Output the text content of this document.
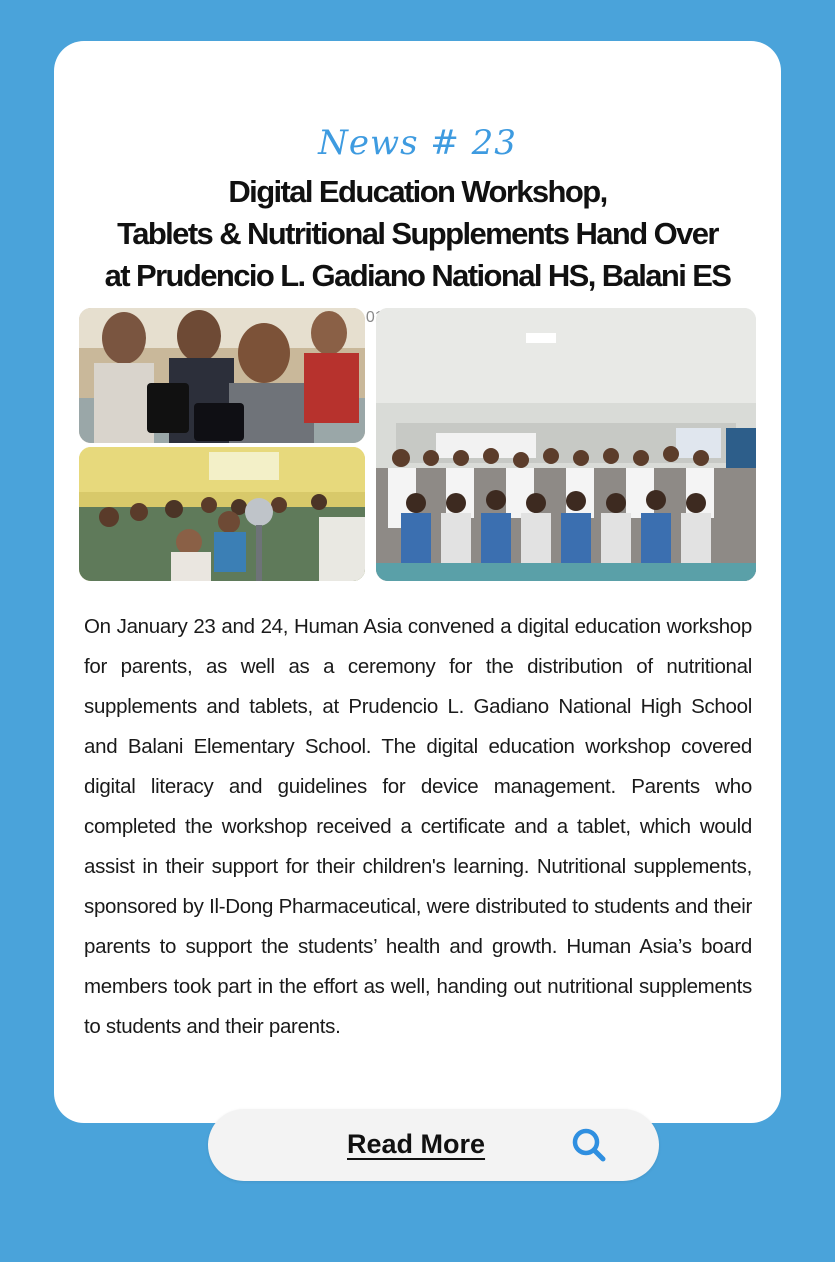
News # 23
Digital Education Workshop,
Tablets & Nutritional Supplements Hand Over
at Prudencio L. Gadiano National HS, Balani ES
On January 23 and 24, Human Asia convened a digital education workshop for parents, as well as a ceremony for the distribution of nutritional supplements and tablets, at Prudencio L. Gadiano National High School and Balani Elementary School. The digital education workshop covered digital literacy and guidelines for device management. Parents who completed the workshop received a certificate and a tablet, which would assist in their support for their children's learning. Nutritional supplements, sponsored by Il-Dong Pharmaceutical, were distributed to students and their parents to support the students’ health and growth. Human Asia’s board members took part in the effort as well, handing out nutritional supplements to students and their parents.
Read More
